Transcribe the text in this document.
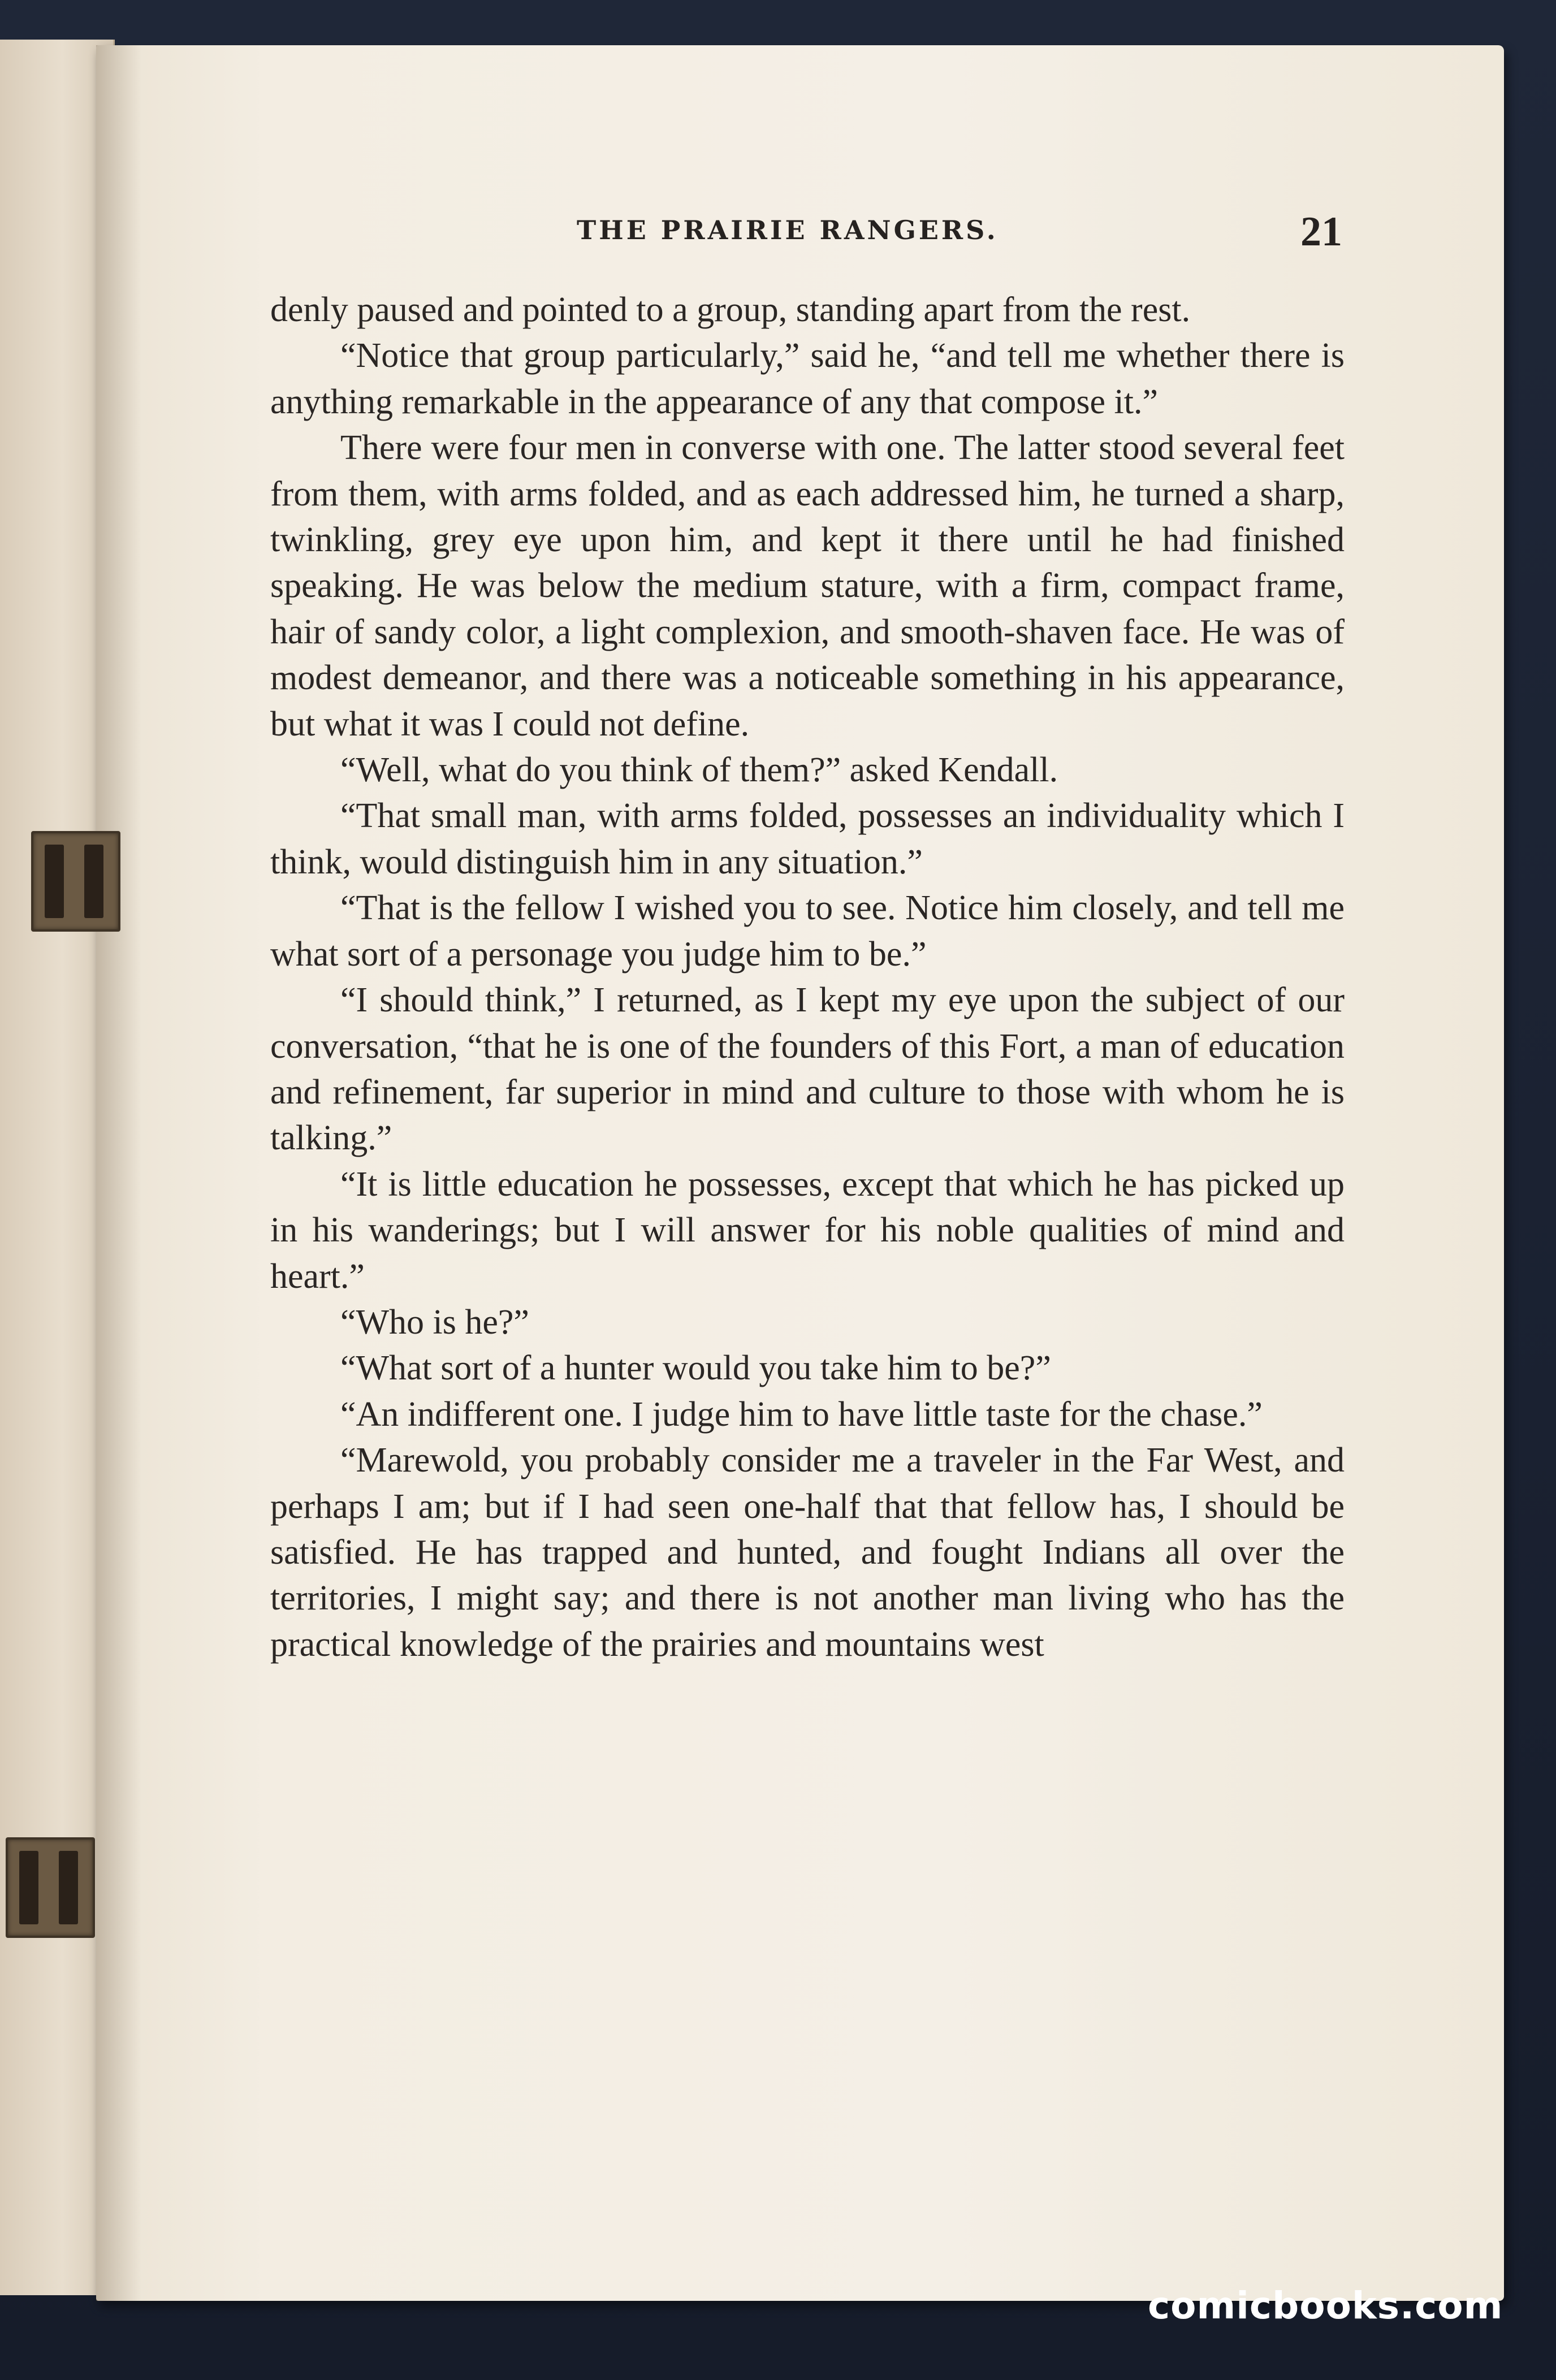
THE PRAIRIE RANGERS.	21

denly paused and pointed to a group, standing apart from the rest.

“Notice that group particularly,” said he, “and tell me whether there is anything remarkable in the appearance of any that compose it.”

There were four men in converse with one. The latter stood several feet from them, with arms folded, and as each addressed him, he turned a sharp, twinkling, grey eye upon him, and kept it there until he had finished speaking. He was below the medium stature, with a firm, compact frame, hair of sandy color, a light complexion, and smooth-shaven face. He was of modest demeanor, and there was a noticeable something in his appearance, but what it was I could not define.

“Well, what do you think of them?” asked Kendall.

“That small man, with arms folded, possesses an individuality which I think, would distinguish him in any situation.”

“That is the fellow I wished you to see. Notice him closely, and tell me what sort of a personage you judge him to be.”

“I should think,” I returned, as I kept my eye upon the subject of our conversation, “that he is one of the founders of this Fort, a man of education and refinement, far superior in mind and culture to those with whom he is talking.”

“It is little education he possesses, except that which he has picked up in his wanderings; but I will answer for his noble qualities of mind and heart.”

“Who is he?”

“What sort of a hunter would you take him to be?”

“An indifferent one. I judge him to have little taste for the chase.”

“Marewold, you probably consider me a traveler in the Far West, and perhaps I am; but if I had seen one-half that that fellow has, I should be satisfied. He has trapped and hunted, and fought Indians all over the territories, I might say; and there is not another man living who has the practical knowledge of the prairies and mountains west

comicbooks.com
